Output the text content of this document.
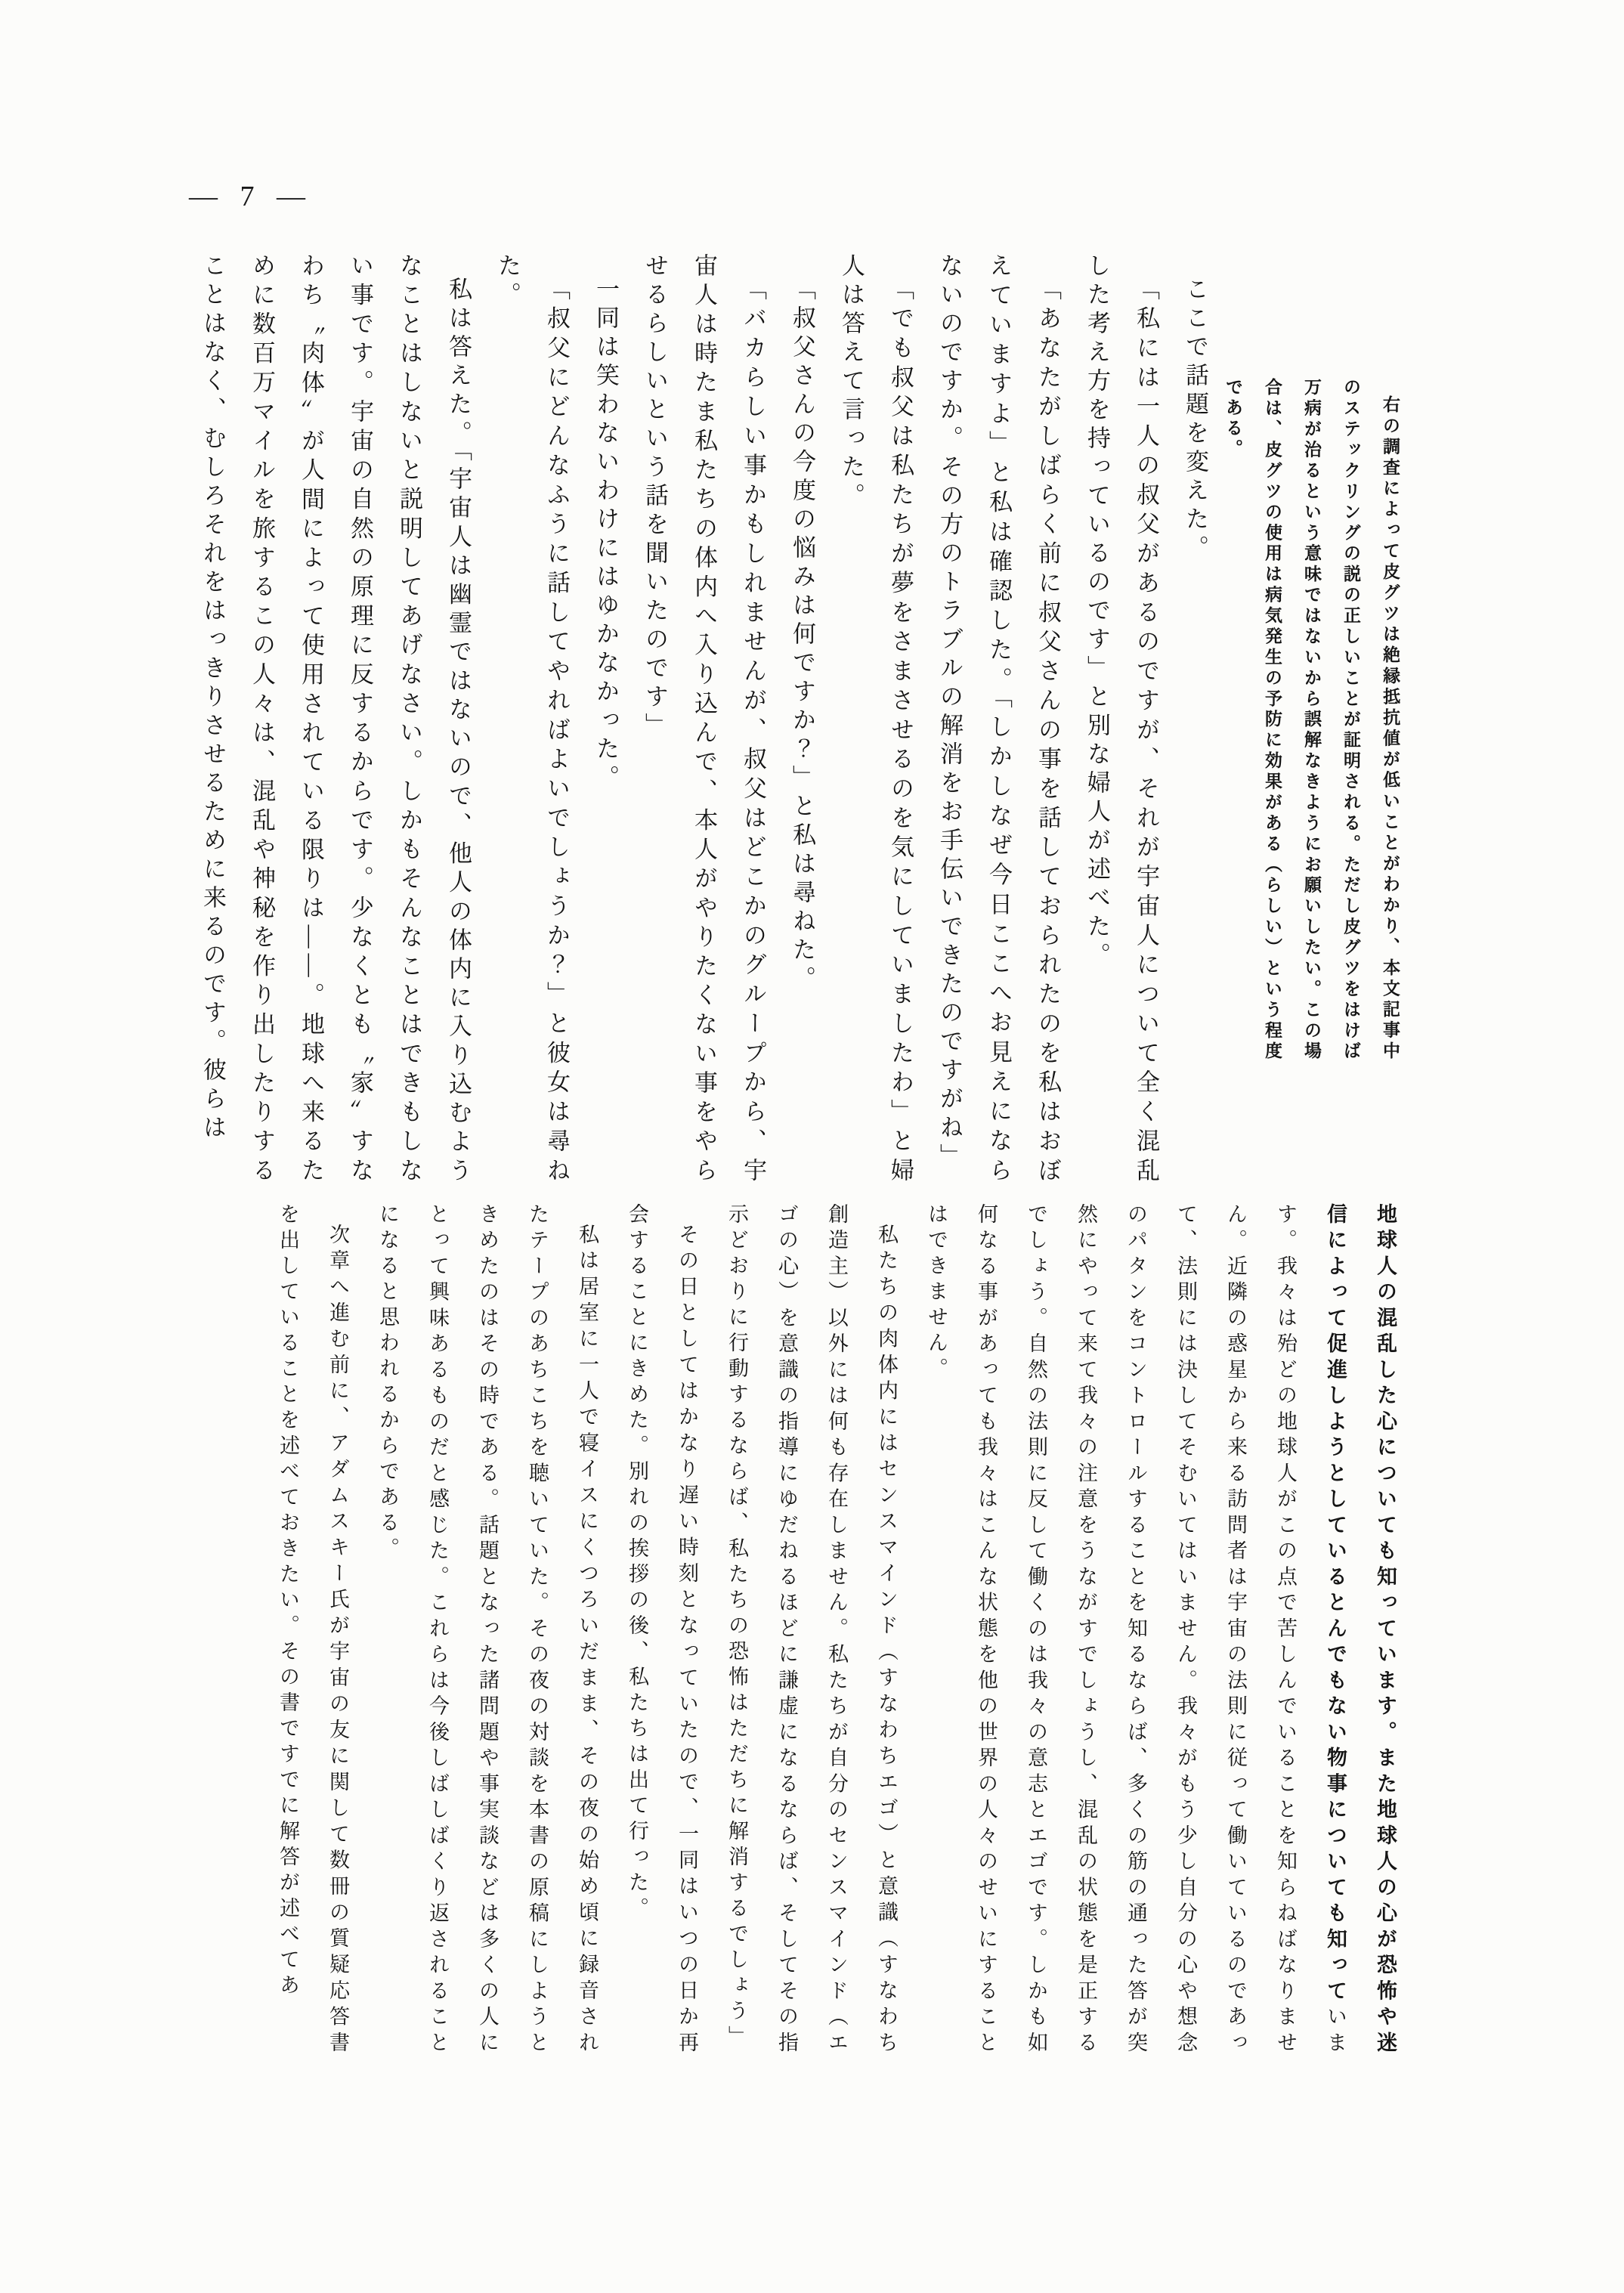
— 7 —

右の調査によって皮グツは絶縁抵抗値が低いことがわかり、本文記事中のステックリングの説の正しいことが証明される。ただし皮グツをはけば万病が治るという意味ではないから誤解なきようにお願いしたい。この場合は、皮グツの使用は病気発生の予防に効果がある（らしい）という程度である。

ここで話題を変えた。

「私には一人の叔父があるのですが、それが宇宙人について全く混乱した考え方を持っているのです」と別な婦人が述べた。

「あなたがしばらく前に叔父さんの事を話しておられたのを私はおぼえていますよ」と私は確認した。「しかしなぜ今日ここへお見えにならないのですか。その方のトラブルの解消をお手伝いできたのですがね」

「でも叔父は私たちが夢をさまさせるのを気にしていましたわ」と婦人は答えて言った。

「叔父さんの今度の悩みは何ですか？」と私は尋ねた。

「バカらしい事かもしれませんが、叔父はどこかのグループから、宇宙人は時たま私たちの体内へ入り込んで、本人がやりたくない事をやらせるらしいという話を聞いたのです」

一同は笑わないわけにはゆかなかった。

「叔父にどんなふうに話してやればよいでしょうか？」と彼女は尋ねた。

私は答えた。「宇宙人は幽霊ではないので、他人の体内に入り込むようなことはしないと説明してあげなさい。しかもそんなことはできもしない事です。宇宙の自然の原理に反するからです。少なくとも〝家〟すなわち〝肉体〟が人間によって使用されている限りは――。地球へ来るために数百万マイルを旅するこの人々は、混乱や神秘を作り出したりすることはなく、むしろそれをはっきりさせるために来るのです。彼らは

地球人の混乱した心についても知っています。また地球人の心が恐怖や迷信によって促進しようとしているとんでもない物事についても知っています。我々は殆どの地球人がこの点で苦しんでいることを知らねばなりません。近隣の惑星から来る訪問者は宇宙の法則に従って働いているのであって、法則には決してそむいてはいません。我々がもう少し自分の心や想念のパタンをコントロールすることを知るならば、多くの筋の通った答が突然にやって来て我々の注意をうながすでしょうし、混乱の状態を是正するでしょう。自然の法則に反して働くのは我々の意志とエゴです。しかも如何なる事があっても我々はこんな状態を他の世界の人々のせいにすることはできません。

私たちの肉体内にはセンスマインド（すなわちエゴ）と意識（すなわち創造主）以外には何も存在しません。私たちが自分のセンスマインド（エゴの心）を意識の指導にゆだねるほどに謙虚になるならば、そしてその指示どおりに行動するならば、私たちの恐怖はただちに解消するでしょう」

その日としてはかなり遅い時刻となっていたので、一同はいつの日か再会することにきめた。別れの挨拶の後、私たちは出て行った。

私は居室に一人で寝イスにくつろいだまま、その夜の始め頃に録音されたテープのあちこちを聴いていた。その夜の対談を本書の原稿にしようときめたのはその時である。話題となった諸問題や事実談などは多くの人にとって興味あるものだと感じた。これらは今後しばしばくり返されることになると思われるからである。

次章へ進む前に、アダムスキー氏が宇宙の友に関して数冊の質疑応答書を出していることを述べておきたい。その書ですでに解答が述べてあ
